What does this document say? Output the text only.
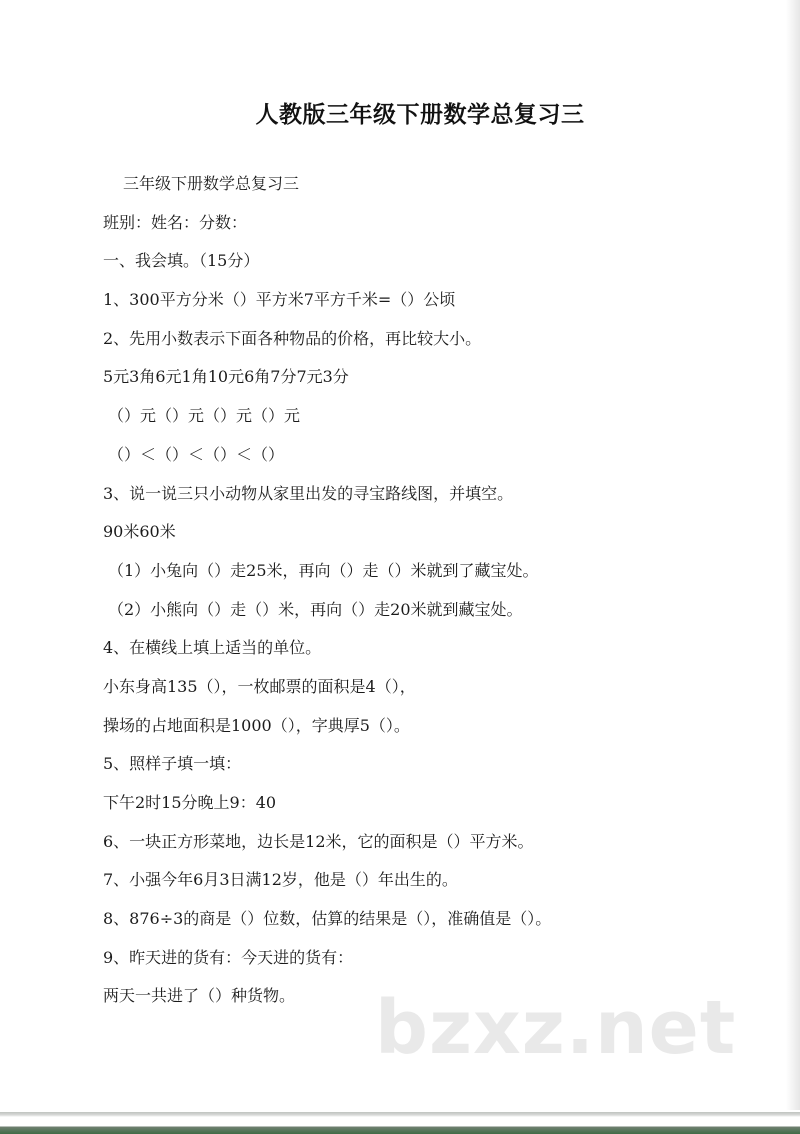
人教版三年级下册数学总复习三
三年级下册数学总复习三
班别：姓名：分数：
一、我会填。（15分）
1、300平方分米（）平方米7平方千米=（）公顷
2、先用小数表示下面各种物品的价格，再比较大小。
5元3角6元1角10元6角7分7元3分
（）元（）元（）元（）元
（）＜（）＜（）＜（）
3、说一说三只小动物从家里出发的寻宝路线图，并填空。
90米60米
（1）小兔向（）走25米，再向（）走（）米就到了藏宝处。
（2）小熊向（）走（）米，再向（）走20米就到藏宝处。
4、在横线上填上适当的单位。
小东身高135（），一枚邮票的面积是4（），
操场的占地面积是1000（），字典厚5（）。
5、照样子填一填：
下午2时15分晚上9：40
6、一块正方形菜地，边长是12米，它的面积是（）平方米。
7、小强今年6月3日满12岁，他是（）年出生的。
8、876÷3的商是（）位数，估算的结果是（），准确值是（）。
9、昨天进的货有：今天进的货有：
两天一共进了（）种货物。	bzxz.net
